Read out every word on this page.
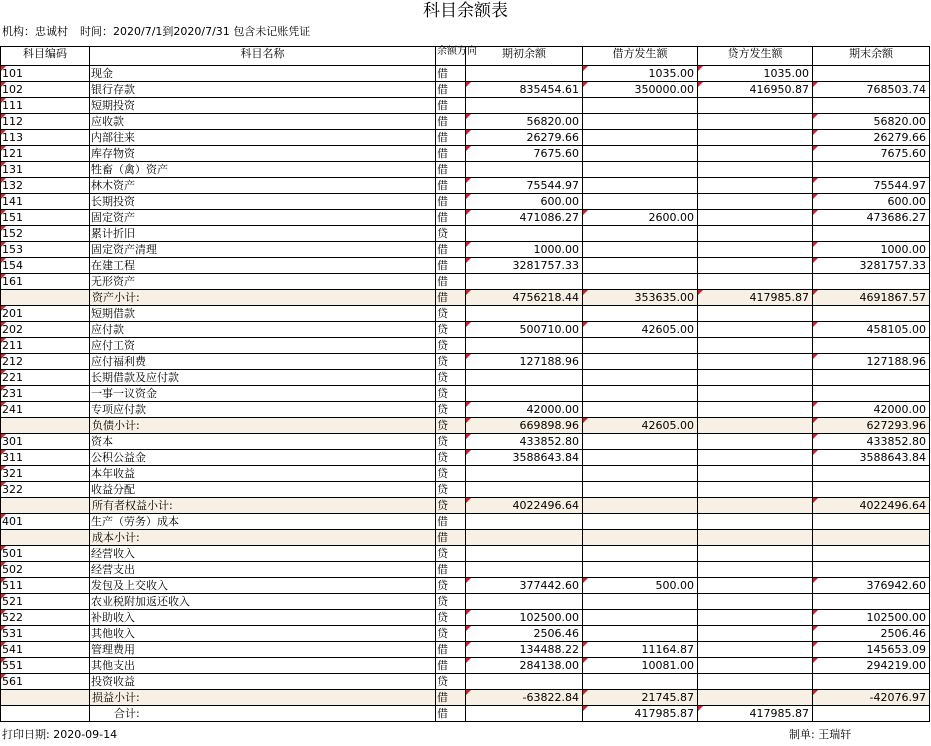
科目余额表
机构：忠诚村 时间：2020/7/1到2020/7/31 包含未记账凭证
科目编码	科目名称	余额方向	期初余额	借方发生额	贷方发生额	期末余额
101	现金	借		1035.00	1035.00	
102	银行存款	借	835454.61	350000.00	416950.87	768503.74
111	短期投资	借				
112	应收款	借	56820.00			56820.00
113	内部往来	借	26279.66			26279.66
121	库存物资	借	7675.60			7675.60
131	牲畜（禽）资产	借				
132	林木资产	借	75544.97			75544.97
141	长期投资	借	600.00			600.00
151	固定资产	借	471086.27	2600.00		473686.27
152	累计折旧	贷				
153	固定资产清理	借	1000.00			1000.00
154	在建工程	借	3281757.33			3281757.33
161	无形资产	借				
	资产小计:	借	4756218.44	353635.00	417985.87	4691867.57
201	短期借款	贷				
202	应付款	贷	500710.00	42605.00		458105.00
211	应付工资	贷				
212	应付福利费	贷	127188.96			127188.96
221	长期借款及应付款	贷				
231	一事一议资金	贷				
241	专项应付款	贷	42000.00			42000.00
	负债小计:	贷	669898.96	42605.00		627293.96
301	资本	贷	433852.80			433852.80
311	公积公益金	贷	3588643.84			3588643.84
321	本年收益	贷				
322	收益分配	贷				
	所有者权益小计:	贷	4022496.64			4022496.64
401	生产（劳务）成本	借				
	成本小计:	借				
501	经营收入	贷				
502	经营支出	借				
511	发包及上交收入	贷	377442.60	500.00		376942.60
521	农业税附加返还收入	贷				
522	补助收入	贷	102500.00			102500.00
531	其他收入	贷	2506.46			2506.46
541	管理费用	借	134488.22	11164.87		145653.09
551	其他支出	借	284138.00	10081.00		294219.00
561	投资收益	贷				
	损益小计:	借	-63822.84	21745.87		-42076.97
	合计:	借		417985.87	417985.87	
打印日期: 2020-09-14	制单: 王瑞轩
